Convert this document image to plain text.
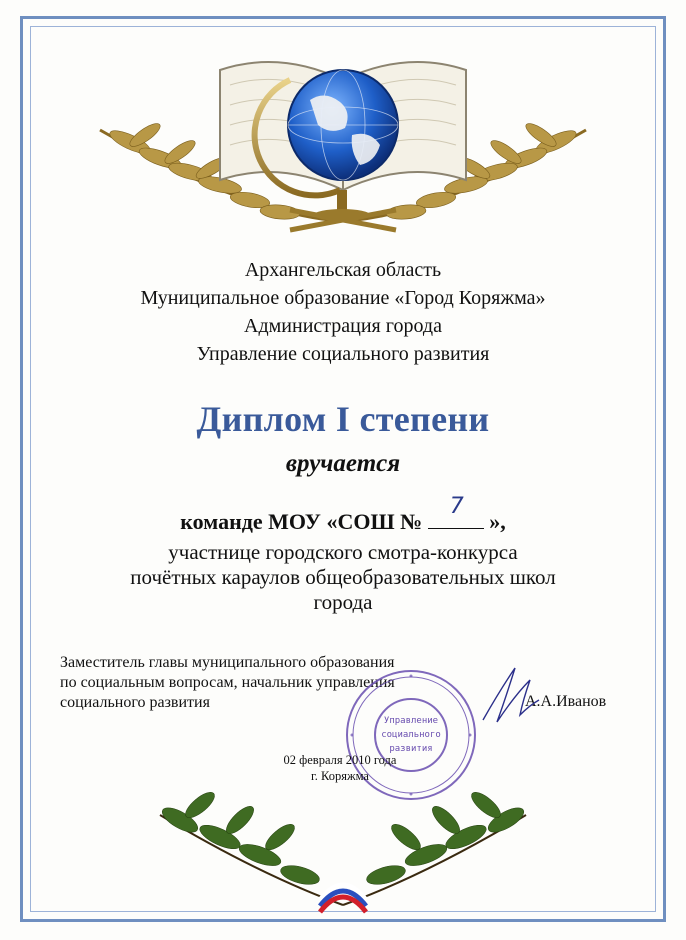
Архангельская область
Муниципальное образование «Город Коряжма»
Администрация города
Управление социального развития
Диплом I степени
вручается
команде МОУ «СОШ №
7
»,
участнице городского смотра-конкурса
почётных караулов общеобразовательных школ
города
Заместитель главы муниципального образования
по социальным вопросам, начальник управления
социального развития	А.А.Иванов
Управление
социального
развития
02 февраля 2010 года
г. Коряжма
